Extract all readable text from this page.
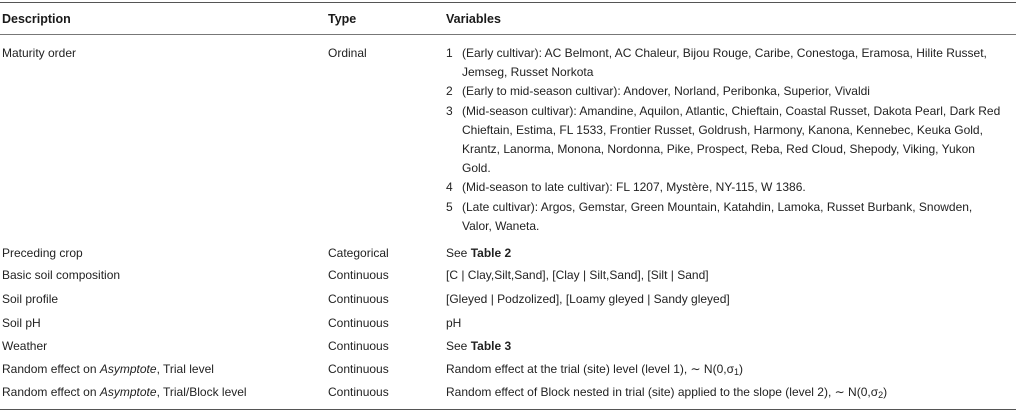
Description	Type	Variables
Maturity order	Ordinal	1 (Early cultivar): AC Belmont, AC Chaleur, Bijou Rouge, Caribe, Conestoga, Eramosa, Hilite Russet, Jemseg, Russet Norkota
2 (Early to mid-season cultivar): Andover, Norland, Peribonka, Superior, Vivaldi
3 (Mid-season cultivar): Amandine, Aquilon, Atlantic, Chieftain, Coastal Russet, Dakota Pearl, Dark Red Chieftain, Estima, FL 1533, Frontier Russet, Goldrush, Harmony, Kanona, Kennebec, Keuka Gold, Krantz, Lanorma, Monona, Nordonna, Pike, Prospect, Reba, Red Cloud, Shepody, Viking, Yukon Gold.
4 (Mid-season to late cultivar): FL 1207, Mystère, NY-115, W 1386.
5 (Late cultivar): Argos, Gemstar, Green Mountain, Katahdin, Lamoka, Russet Burbank, Snowden, Valor, Waneta.
Preceding crop	Categorical	See Table 2
Basic soil composition	Continuous	[C | Clay,Silt,Sand], [Clay | Silt,Sand], [Silt | Sand]
Soil profile	Continuous	[Gleyed | Podzolized], [Loamy gleyed | Sandy gleyed]
Soil pH	Continuous	pH
Weather	Continuous	See Table 3
Random effect on Asymptote, Trial level	Continuous	Random effect at the trial (site) level (level 1), ∼ $N(0,\sigma_1)$
Random effect on Asymptote, Trial/Block level	Continuous	Random effect of Block nested in trial (site) applied to the slope (level 2), ∼ $N(0,\sigma_2)$
